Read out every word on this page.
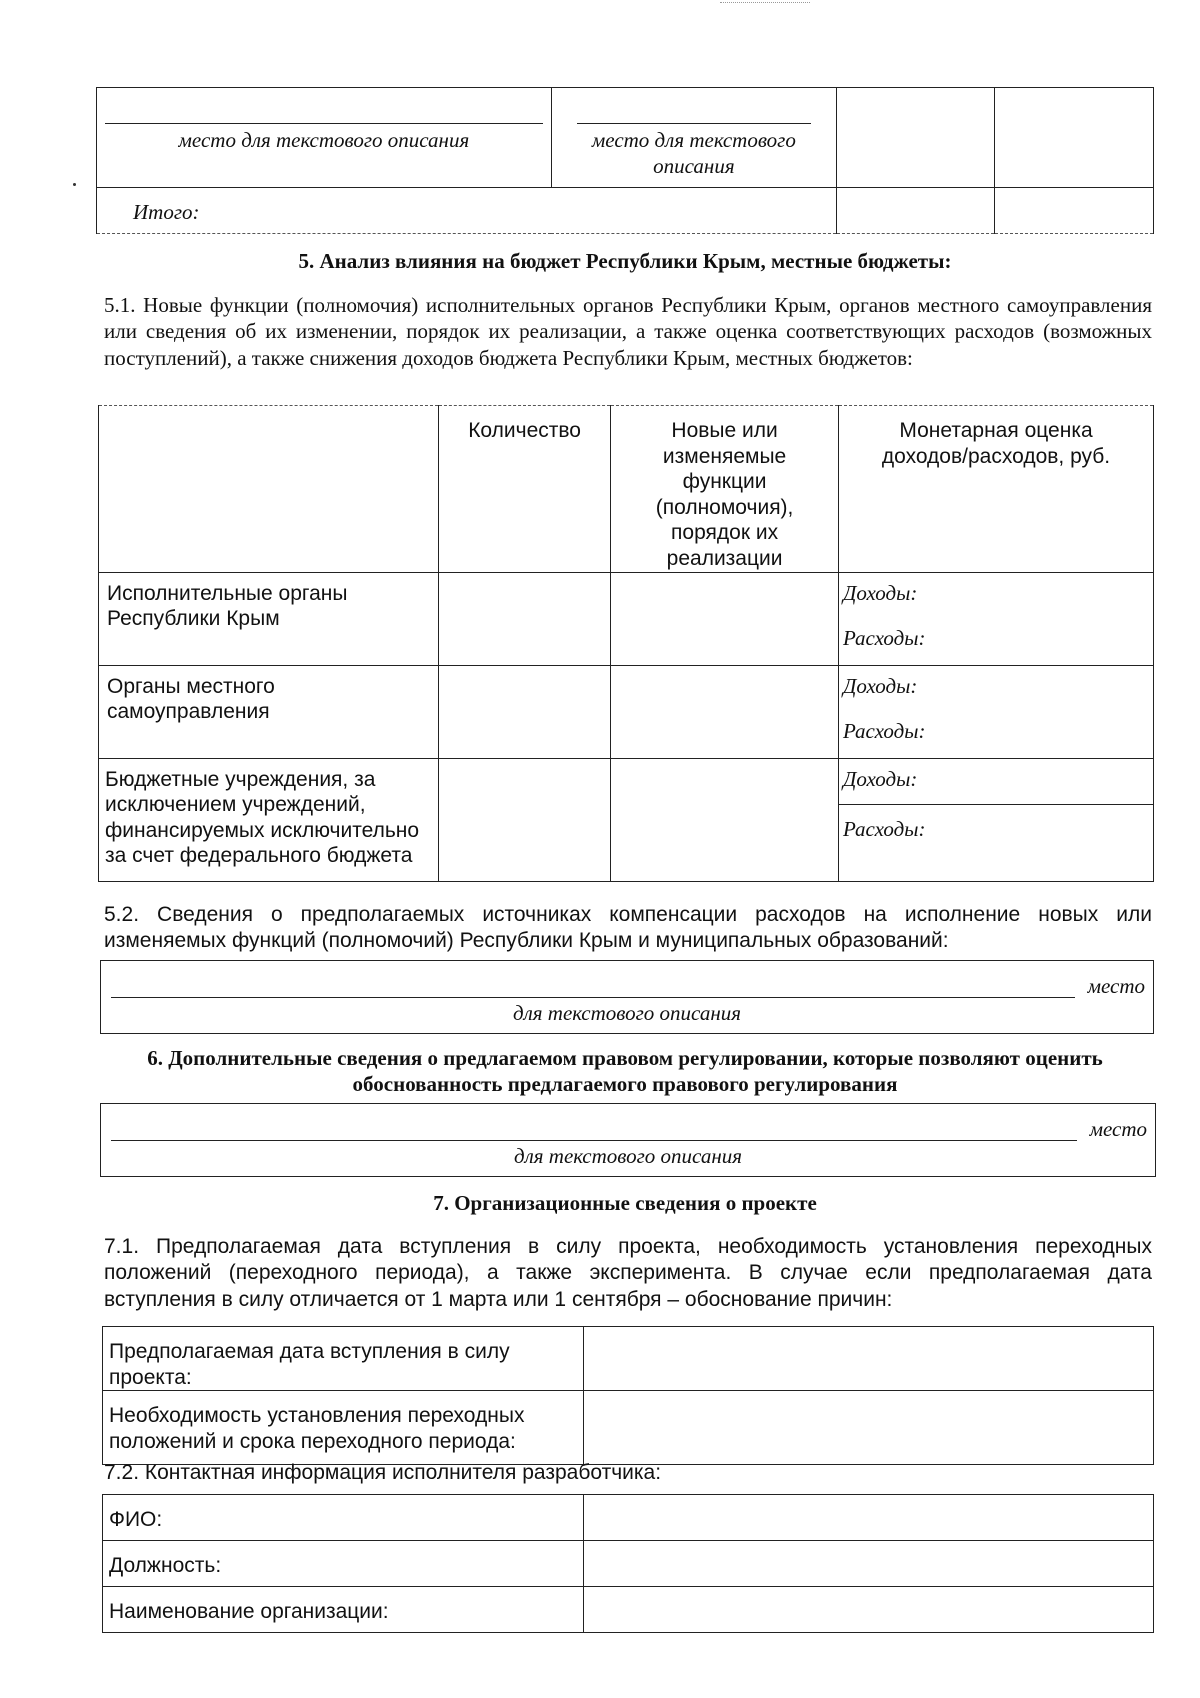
место для текстового описания	место для текстового описания		

Итого:			

5. Анализ влияния на бюджет Республики Крым, местные бюджеты:
5.1. Новые функции (полномочия) исполнительных органов Республики Крым, органов местного самоуправления или сведения об их изменении, порядок их реализации, а также оценка соответствующих расходов (возможных поступлений), а также снижения доходов бюджета Республики Крым, местных бюджетов:

	Количество	Новые или изменяемые функции (полномочия), порядок их реализации	Монетарная оценка доходов/расходов, руб.

Исполнительные органы Республики Крым			Доходы:
Расходы:

Органы местного самоуправления			Доходы:
Расходы:

Бюджетные учреждения, за исключением учреждений, финансируемых исключительно за счет федерального бюджета			Доходы:
Расходы:
5.2. Сведения о предполагаемых источниках компенсации расходов на исполнение новых или изменяемых функций (полномочий) Республики Крым и муниципальных образований:
место
для текстового описания
6. Дополнительные сведения о предлагаемом правовом регулировании, которые позволяют оценить
обоснованность предлагаемого правового регулирования
место
для текстового описания
7. Организационные сведения о проекте
7.1. Предполагаемая дата вступления в силу проекта, необходимость установления переходных положений (переходного периода), а также эксперимента. В случае если предполагаемая дата вступления в силу отличается от 1 марта или 1 сентября – обоснование причин:
Предполагаемая дата вступления в силу проекта:	

Необходимость установления переходных положений и срока переходного периода:	

7.2. Контактная информация исполнителя разработчика:
ФИО:	

Должность:	

Наименование организации:	
